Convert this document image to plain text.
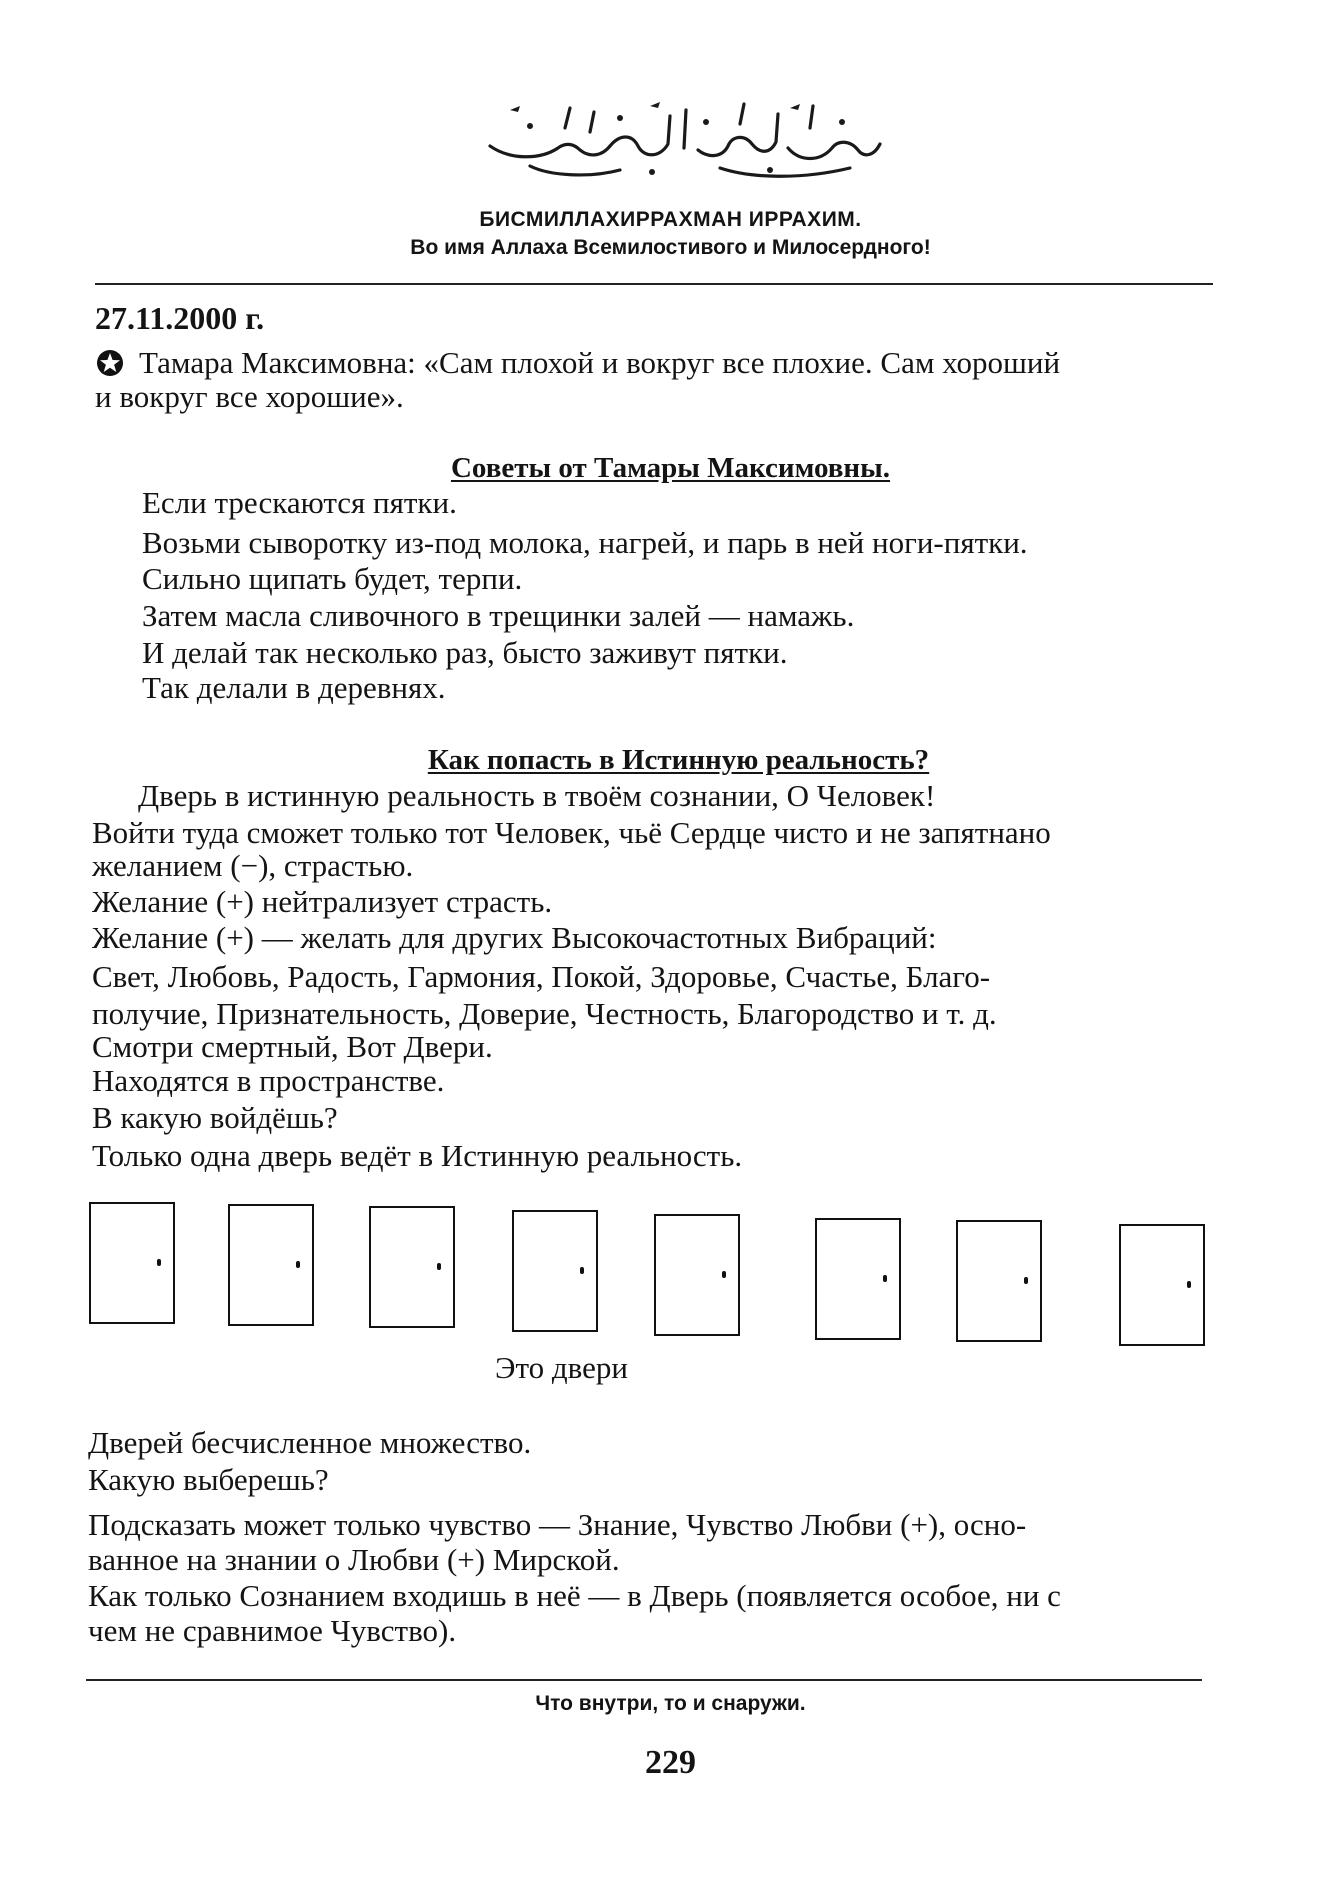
БИСМИЛЛАХИРРАХМАН ИРРАХИМ.
Во имя Аллаха Всемилостивого и Милосердного!
27.11.2000 г.
Тамара Максимовна: «Сам плохой и вокруг все плохие. Сам хороший
и вокруг все хорошие».
Советы от Тамары Максимовны.
Если трескаются пятки.
Возьми сыворотку из-под молока, нагрей, и парь в ней ноги-пятки.
Сильно щипать будет, терпи.
Затем масла сливочного в трещинки залей — намажь.
И делай так несколько раз, бысто заживут пятки.
Так делали в деревнях.
Как попасть в Истинную реальность?
Дверь в истинную реальность в твоём сознании, О Человек!
Войти туда сможет только тот Человек, чьё Сердце чисто и не запятнано
желанием (−), страстью.
Желание (+) нейтрализует страсть.
Желание (+) — желать для других Высокочастотных Вибраций:
Свет, Любовь, Радость, Гармония, Покой, Здоровье, Счастье, Благо-
получие, Признательность, Доверие, Честность, Благородство и т. д.
Смотри смертный, Вот Двери.
Находятся в пространстве.
В какую войдёшь?
Только одна дверь ведёт в Истинную реальность.
Это двери
Дверей бесчисленное множество.
Какую выберешь?
Подсказать может только чувство — Знание, Чувство Любви (+), осно-
ванное на знании о Любви (+) Мирской.
Как только Сознанием входишь в неё — в Дверь (появляется особое, ни с
чем не сравнимое Чувство).
Что внутри, то и снаружи.
229
